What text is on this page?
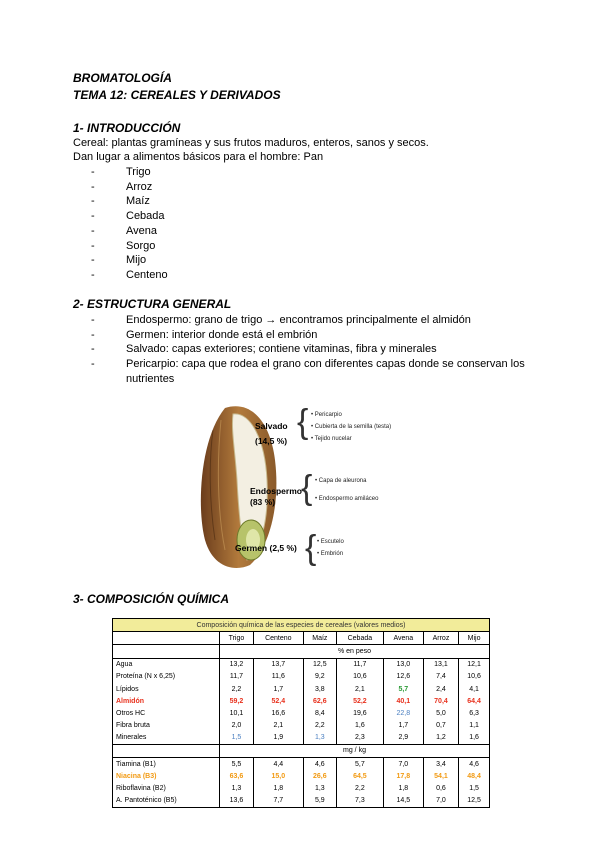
BROMATOLOGÍA
TEMA 12: CEREALES Y DERIVADOS
1- INTRODUCCIÓN
Cereal: plantas gramíneas y sus frutos maduros, enteros, sanos y secos.
Dan lugar a alimentos básicos para el hombre: Pan
-	Trigo
-	Arroz
-	Maíz
-	Cebada
-	Avena
-	Sorgo
-	Mijo
-	Centeno
2- ESTRUCTURA GENERAL
-	Endospermo: grano de trigo → encontramos principalmente el almidón
-	Germen: interior donde está el embrión
-	Salvado: capas exteriores; contiene vitaminas, fibra y minerales
-	Pericarpio: capa que rodea el grano con diferentes capas donde se conservan los nutrientes
Salvado
(14,5 %) { • Pericarpio
• Cubierta de la semilla (testa)
• Tejido nucelar
Endospermo
(83 %) { • Capa de aleurona
• Endospermo amiláceo
Germen (2,5 %) { • Escutelo
• Embrión
3- COMPOSICIÓN QUÍMICA
Composición química de las especies de cereales (valores medios)							
	Trigo	Centeno	Maíz	Cebada	Avena	Arroz	Mijo
	% en peso						
Agua	13,2	13,7	12,5	11,7	13,0	13,1	12,1
Proteína (N x 6,25)	11,7	11,6	9,2	10,6	12,6	7,4	10,6
Lípidos	2,2	1,7	3,8	2,1	5,7	2,4	4,1
Almidón	59,2	52,4	62,6	52,2	40,1	70,4	64,4
Otros HC	10,1	16,6	8,4	19,6	22,8	5,0	6,3
Fibra bruta	2,0	2,1	2,2	1,6	1,7	0,7	1,1
Minerales	1,5	1,9	1,3	2,3	2,9	1,2	1,6
	mg / kg						
Tiamina (B1)	5,5	4,4	4,6	5,7	7,0	3,4	4,6
Niacina (B3)	63,6	15,0	26,6	64,5	17,8	54,1	48,4
Riboflavina (B2)	1,3	1,8	1,3	2,2	1,8	0,6	1,5
A. Pantoténico (B5)	13,6	7,7	5,9	7,3	14,5	7,0	12,5
